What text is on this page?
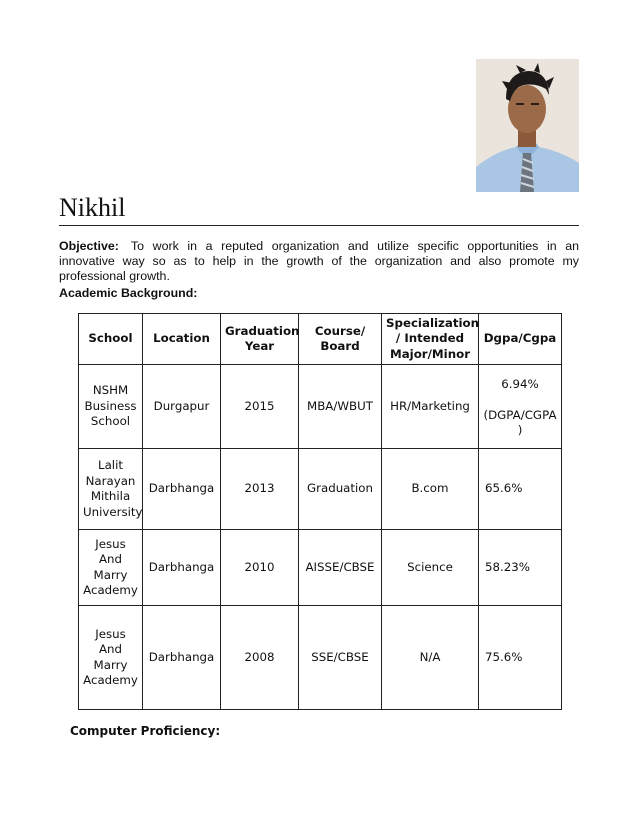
Nikhil
Objective: To work in a reputed organization and utilize specific opportunities in an innovative way so as to help in the growth of the organization and also promote my professional growth.
Academic Background:
School	Location	Graduation Year	Course/ Board	Specialization / Intended Major/Minor	Dgpa/Cgpa
NSHM Business School	Durgapur	2015	MBA/WBUT	HR/Marketing	6.94%
(DGPA/CGPA )

Lalit Narayan Mithila University	Darbhanga	2013	Graduation	B.com	65.6%
Jesus And Marry Academy	Darbhanga	2010	AISSE/CBSE	Science	58.23%
Jesus And Marry Academy	Darbhanga	2008	SSE/CBSE	N/A	75.6%
Computer Proficiency:
